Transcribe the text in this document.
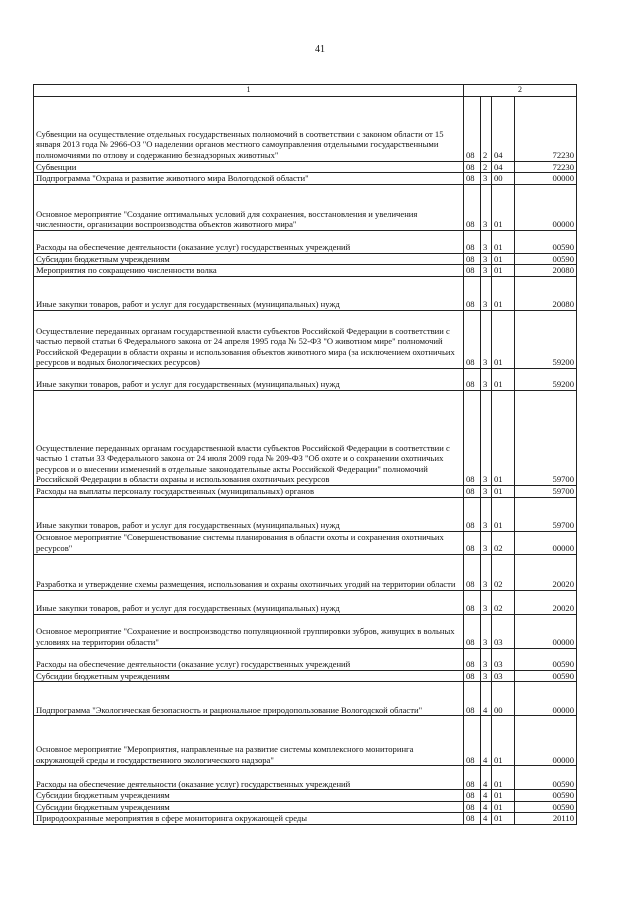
41
1	2			
Субвенции на осуществление отдельных государственных полномочий в соответствии с законом области от 15 января 2013 года № 2966-ОЗ "О наделении органов местного самоуправления отдельными государственными полномочиями по отлову и содержанию безнадзорных животных"	08	2	04	72230
Субвенции	08	2	04	72230
Подпрограмма "Охрана и развитие животного мира Вологодской области"	08	3	00	00000
Основное мероприятие "Создание оптимальных условий для сохранения, восстановления и увеличения численности, организации воспроизводства объектов животного мира"	08	3	01	00000
Расходы на обеспечение деятельности (оказание услуг) государственных учреждений	08	3	01	00590
Субсидии бюджетным учреждениям	08	3	01	00590
Мероприятия по сокращению численности волка	08	3	01	20080
Иные закупки товаров, работ и услуг для государственных (муниципальных) нужд	08	3	01	20080
Осуществление переданных органам государственной власти субъектов Российской Федерации в соответствии с частью первой статьи 6 Федерального закона от 24 апреля 1995 года № 52-ФЗ "О животном мире" полномочий Российской Федерации в области охраны и использования объектов животного мира (за исключением охотничьих ресурсов и водных биологических ресурсов)	08	3	01	59200
Иные закупки товаров, работ и услуг для государственных (муниципальных) нужд	08	3	01	59200
Осуществление переданных органам государственной власти субъектов Российской Федерации в соответствии с частью 1 статьи 33 Федерального закона от 24 июля 2009 года № 209-ФЗ "Об охоте и о сохранении охотничьих ресурсов и о внесении изменений в отдельные законодательные акты Российской Федерации" полномочий Российской Федерации в области охраны и использования охотничьих ресурсов	08	3	01	59700
Расходы на выплаты персоналу государственных (муниципальных) органов	08	3	01	59700
Иные закупки товаров, работ и услуг для государственных (муниципальных) нужд	08	3	01	59700
Основное мероприятие "Совершенствование системы планирования в области охоты и сохранения охотничьих ресурсов"	08	3	02	00000
Разработка и утверждение схемы размещения, использования и охраны охотничьих угодий на территории области	08	3	02	20020
Иные закупки товаров, работ и услуг для государственных (муниципальных) нужд	08	3	02	20020
Основное мероприятие "Сохранение и воспроизводство популяционной группировки зубров, живущих в вольных условиях на территории области"	08	3	03	00000
Расходы на обеспечение деятельности (оказание услуг) государственных учреждений	08	3	03	00590
Субсидии бюджетным учреждениям	08	3	03	00590
Подпрограмма "Экологическая безопасность и рациональное природопользование Вологодской области"	08	4	00	00000
Основное мероприятие "Мероприятия, направленные на развитие системы комплексного мониторинга окружающей среды и государственного экологического надзора"	08	4	01	00000
Расходы на обеспечение деятельности (оказание услуг) государственных учреждений	08	4	01	00590
Субсидии бюджетным учреждениям	08	4	01	00590
Субсидии бюджетным учреждениям	08	4	01	00590
Природоохранные мероприятия в сфере мониторинга окружающей среды	08	4	01	20110
